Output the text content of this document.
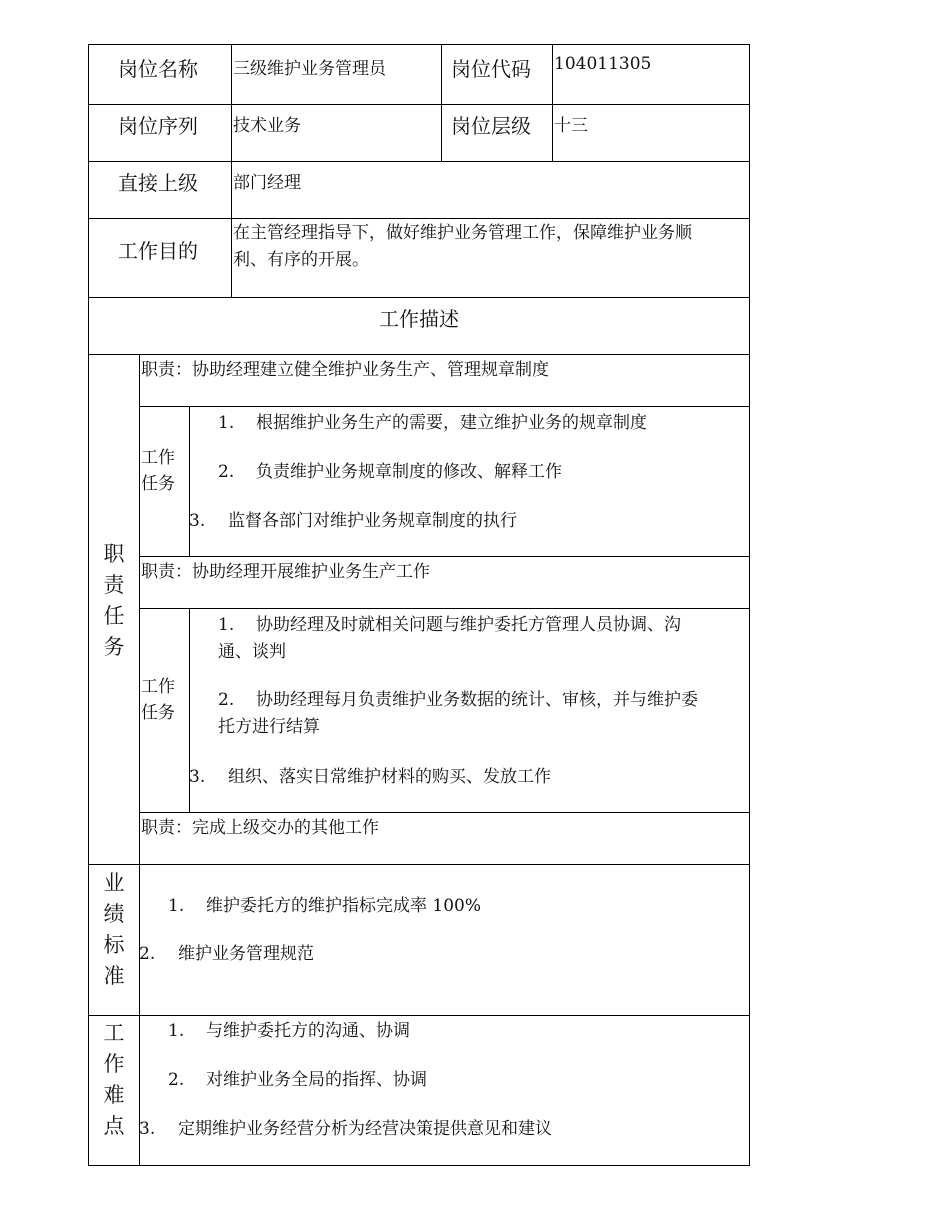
岗位名称 三级维护业务管理员	岗位代码 104011305
岗位序列 技术业务	岗位层级 十三
直接上级 部门经理
工作目的
在主管经理指导下，做好维护业务管理工作，保障维护业务顺
利、有序的开展。
工作描述
职
责
任
务
职责：协助经理建立健全维护业务生产、管理规章制度
工作
任务
1. 根据维护业务生产的需要，建立维护业务的规章制度
2. 负责维护业务规章制度的修改、解释工作
3. 监督各部门对维护业务规章制度的执行
职责：协助经理开展维护业务生产工作
工作
任务
1. 协助经理及时就相关问题与维护委托方管理人员协调、沟
通、谈判
2. 协助经理每月负责维护业务数据的统计、审核，并与维护委
托方进行结算
3. 组织、落实日常维护材料的购买、发放工作
职责：完成上级交办的其他工作
业
绩
标
准
1. 维护委托方的维护指标完成率 100%
2. 维护业务管理规范
工
作
难
点
1. 与维护委托方的沟通、协调
2. 对维护业务全局的指挥、协调
3. 定期维护业务经营分析为经营决策提供意见和建议
